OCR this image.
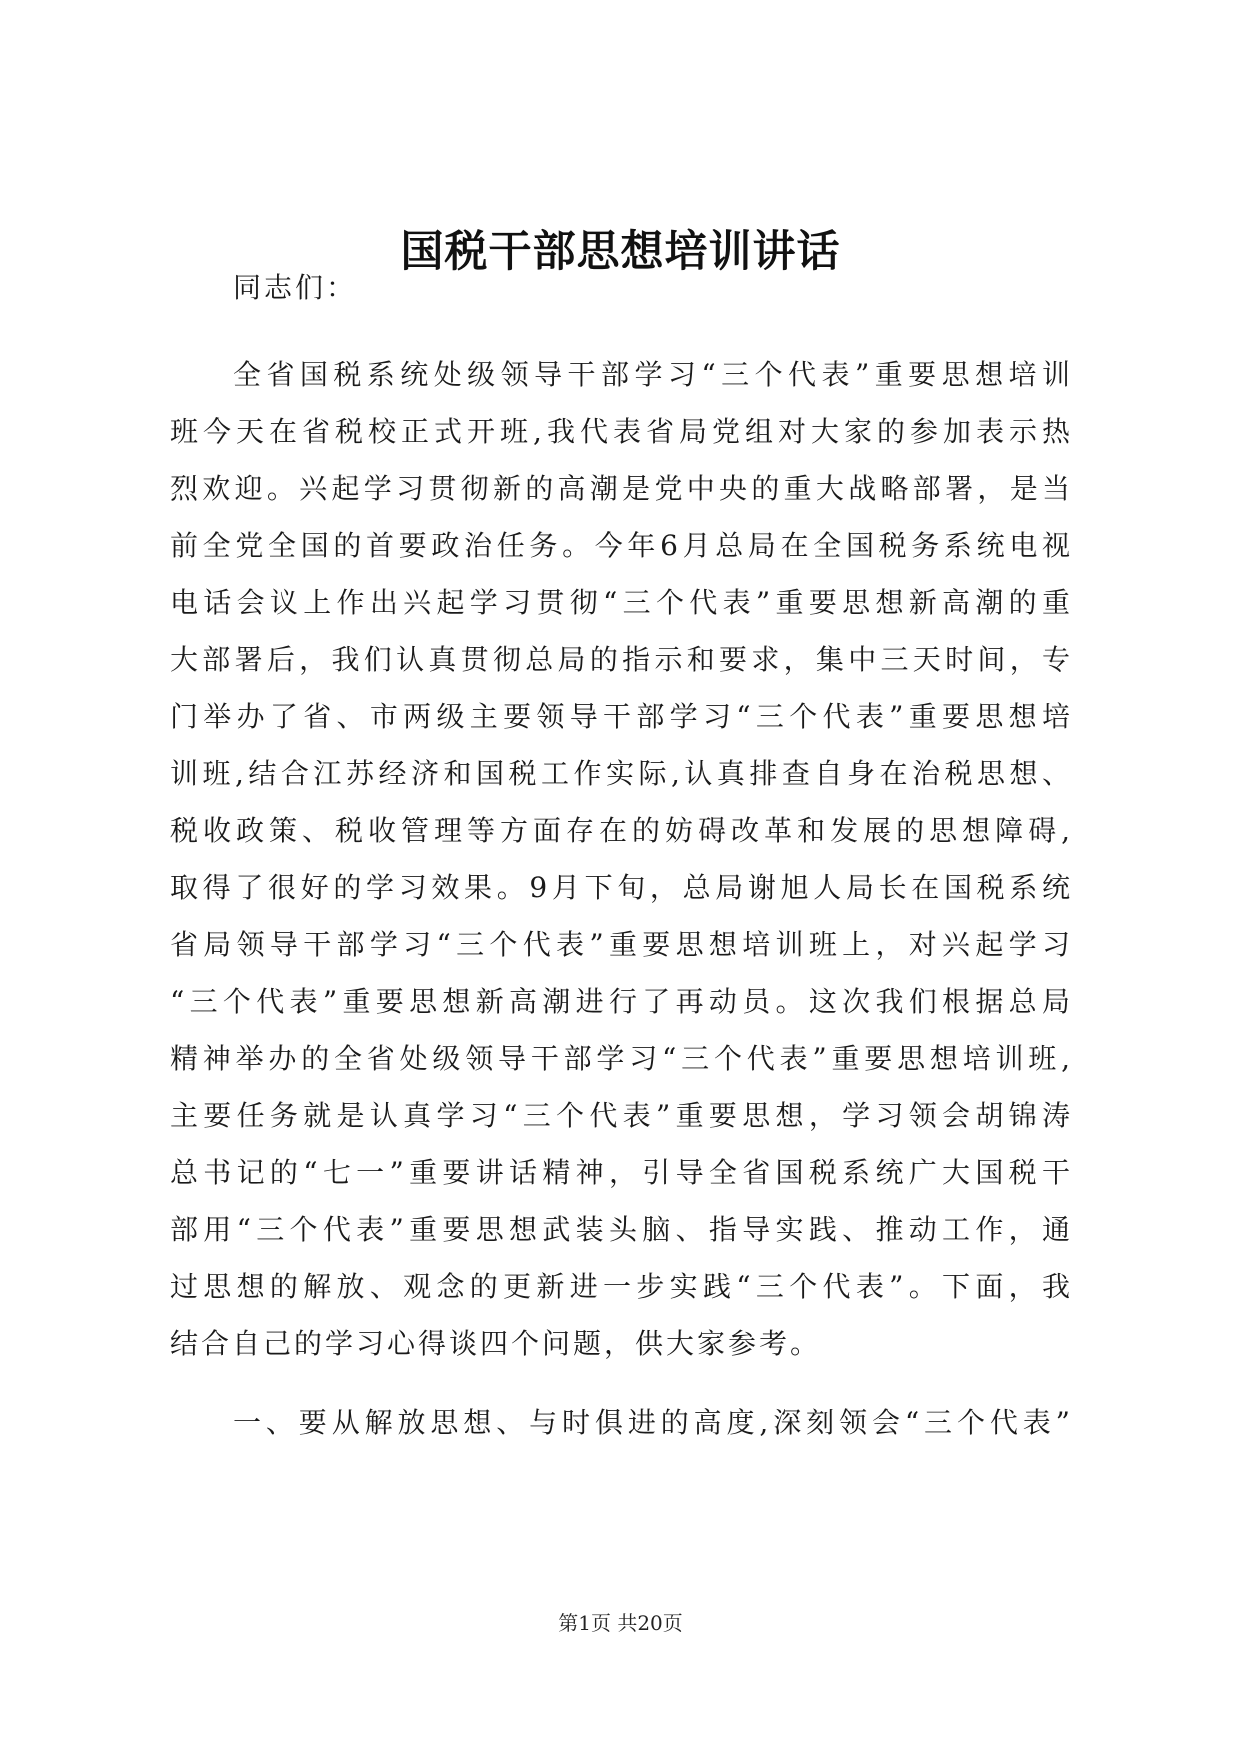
国税干部思想培训讲话
同志们：
全省国税系统处级领导干部学习“三个代表”重要思想培训
班今天在省税校正式开班,我代表省局党组对大家的参加表示热
烈欢迎。兴起学习贯彻新的高潮是党中央的重大战略部署，是当
前全党全国的首要政治任务。今年6月总局在全国税务系统电视
电话会议上作出兴起学习贯彻“三个代表”重要思想新高潮的重
大部署后，我们认真贯彻总局的指示和要求，集中三天时间，专
门举办了省、市两级主要领导干部学习“三个代表”重要思想培
训班,结合江苏经济和国税工作实际,认真排查自身在治税思想、
税收政策、税收管理等方面存在的妨碍改革和发展的思想障碍,
取得了很好的学习效果。9月下旬，总局谢旭人局长在国税系统
省局领导干部学习“三个代表”重要思想培训班上，对兴起学习
“三个代表”重要思想新高潮进行了再动员。这次我们根据总局
精神举办的全省处级领导干部学习“三个代表”重要思想培训班,
主要任务就是认真学习“三个代表”重要思想，学习领会胡锦涛
总书记的“七一”重要讲话精神，引导全省国税系统广大国税干
部用“三个代表”重要思想武装头脑、指导实践、推动工作，通
过思想的解放、观念的更新进一步实践“三个代表”。下面，我
结合自己的学习心得谈四个问题，供大家参考。
一、要从解放思想、与时俱进的高度,深刻领会“三个代表”
第1页 共20页
